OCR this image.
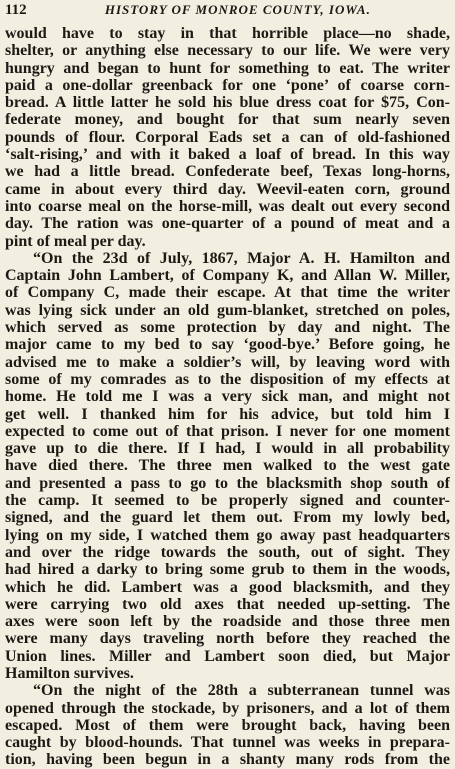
112	HISTORY OF MONROE COUNTY, IOWA.
would have to stay in that horrible place—no shade,
shelter, or anything else necessary to our life. We were very
hungry and began to hunt for something to eat. The writer
paid a one-dollar greenback for one ‘pone’ of coarse corn-
bread. A little latter he sold his blue dress coat for $75, Con-
federate money, and bought for that sum nearly seven
pounds of flour. Corporal Eads set a can of old-fashioned
‘salt-rising,’ and with it baked a loaf of bread. In this way
we had a little bread. Confederate beef, Texas long-horns,
came in about every third day. Weevil-eaten corn, ground
into coarse meal on the horse-mill, was dealt out every second
day. The ration was one-quarter of a pound of meat and a
pint of meal per day.
“On the 23d of July, 1867, Major A. H. Hamilton and
Captain John Lambert, of Company K, and Allan W. Miller,
of Company C, made their escape. At that time the writer
was lying sick under an old gum-blanket, stretched on poles,
which served as some protection by day and night. The
major came to my bed to say ‘good-bye.’ Before going, he
advised me to make a soldier’s will, by leaving word with
some of my comrades as to the disposition of my effects at
home. He told me I was a very sick man, and might not
get well. I thanked him for his advice, but told him I
expected to come out of that prison. I never for one moment
gave up to die there. If I had, I would in all probability
have died there. The three men walked to the west gate
and presented a pass to go to the blacksmith shop south of
the camp. It seemed to be properly signed and counter-
signed, and the guard let them out. From my lowly bed,
lying on my side, I watched them go away past headquarters
and over the ridge towards the south, out of sight. They
had hired a darky to bring some grub to them in the woods,
which he did. Lambert was a good blacksmith, and they
were carrying two old axes that needed up-setting. The
axes were soon left by the roadside and those three men
were many days traveling north before they reached the
Union lines. Miller and Lambert soon died, but Major
Hamilton survives.
“On the night of the 28th a subterranean tunnel was
opened through the stockade, by prisoners, and a lot of them
escaped. Most of them were brought back, having been
caught by blood-hounds. That tunnel was weeks in prepara-
tion, having been begun in a shanty many rods from the
